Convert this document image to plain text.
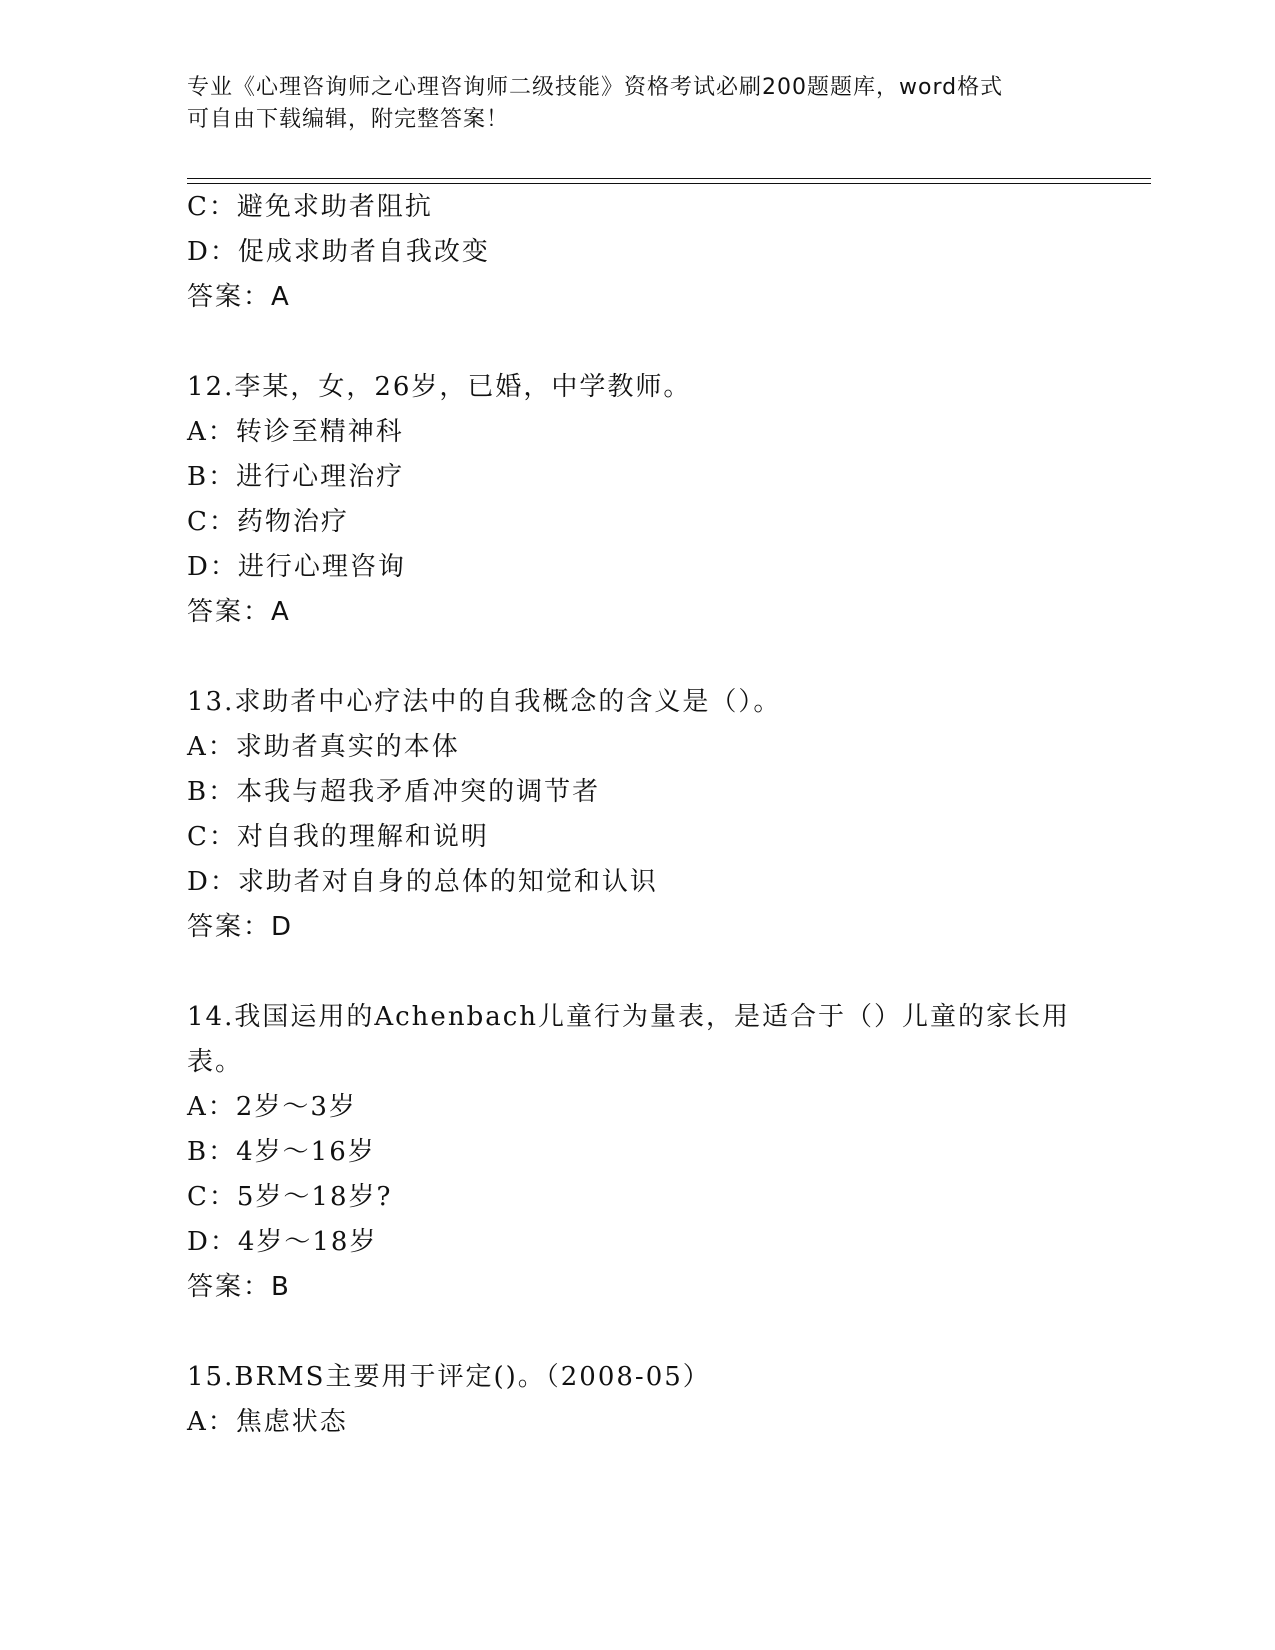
专业《心理咨询师之心理咨询师二级技能》资格考试必刷200题题库，word格式
可自由下载编辑，附完整答案！
C：避免求助者阻抗
D：促成求助者自我改变
答案：A
12.李某，女，26岁，已婚，中学教师。
A：转诊至精神科
B：进行心理治疗
C：药物治疗
D：进行心理咨询
答案：A
13.求助者中心疗法中的自我概念的含义是（）。
A：求助者真实的本体
B：本我与超我矛盾冲突的调节者
C：对自我的理解和说明
D：求助者对自身的总体的知觉和认识
答案：D
14.我国运用的Achenbach儿童行为量表，是适合于（）儿童的家长用
表。
A：2岁～3岁
B：4岁～16岁
C：5岁～18岁?
D：4岁～18岁
答案：B
15.BRMS主要用于评定()。（2008-05）
A：焦虑状态
